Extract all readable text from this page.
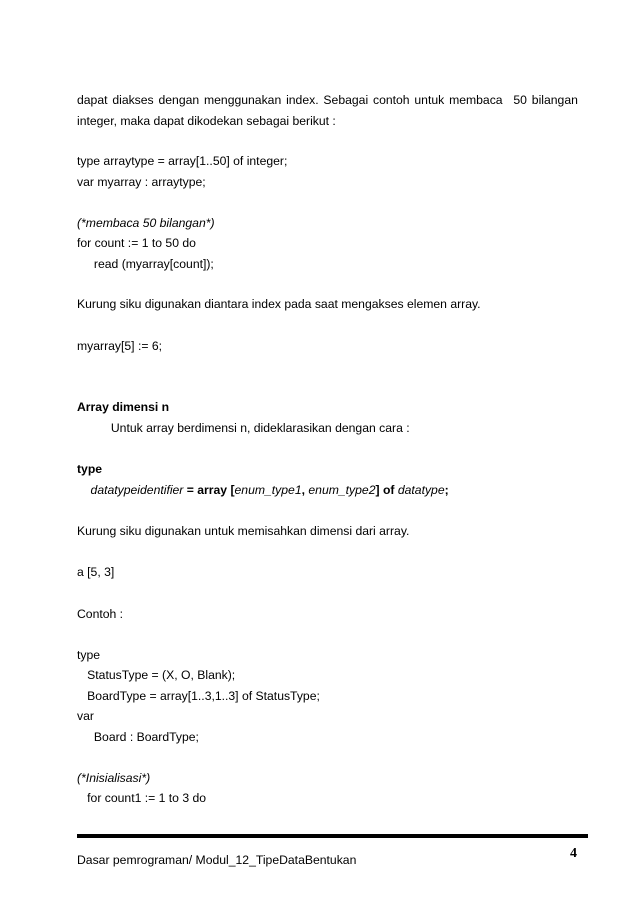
dapat diakses dengan menggunakan index. Sebagai contoh untuk membaca 50 bilangan
integer, maka dapat dikodekan sebagai berikut :
type arraytype = array[1..50] of integer;
var myarray : arraytype;
(*membaca 50 bilangan*)
for count := 1 to 50 do
read (myarray[count]);
Kurung siku digunakan diantara index pada saat mengakses elemen array.
myarray[5] := 6;
Array dimensi n
Untuk array berdimensi n, dideklarasikan dengan cara :
type
datatypeidentifier = array [enum_type1, enum_type2] of datatype;
Kurung siku digunakan untuk memisahkan dimensi dari array.
a [5, 3]
Contoh :
type
StatusType = (X, O, Blank);
BoardType = array[1..3,1..3] of StatusType;
var
Board : BoardType;
(*Inisialisasi*)
for count1 := 1 to 3 do
Dasar pemrograman/ Modul_12_TipeDataBentukan	4
